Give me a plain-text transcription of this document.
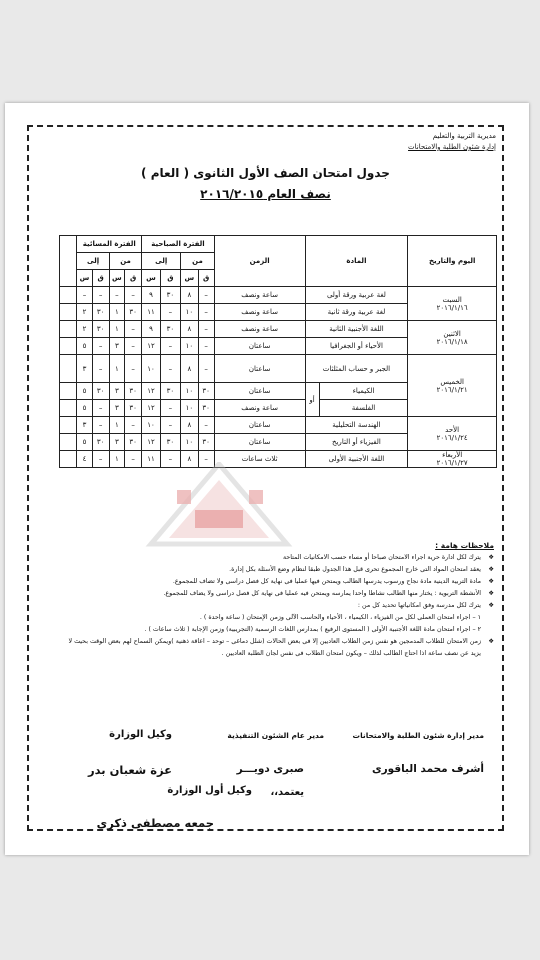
مديرية التربية والتعليم
إدارة شئون الطلبة والامتحانات
جدول امتحان الصف الأول الثانوى ( العام )
نصف العام ٢٠١٦/٢٠١٥
اليوم والتاريخ	المادة		الزمن	الفترة الصباحية				الفترة المسائية				
				من		إلى		من		إلى		
				ق	س	ق	س	ق	س	ق	س	

السبت
٢٠١٦/١/١٦	لغة عربية ورقة أولى		ساعة ونصف	–	٨	٣٠	٩	–	–	–	–	
	لغة عربية ورقة ثانية		ساعة ونصف	–	١٠	–	١١	٣٠	١	٣٠	٢	

الاثنين
٢٠١٦/١/١٨	اللغة الأجنبية الثانية		ساعة ونصف	–	٨	٣٠	٩	–	١	٣٠	٢	
	الأحياء أو الجغرافيا		ساعتان	–	١٠	–	١٢	–	٣	–	٥	

الخميس
٢٠١٦/١/٢١	الجبر و حساب المثلثات		ساعتان	–	٨	–	١٠	–	١	–	٣	
	الكيمياء	أو	ساعتان	٣٠	١٠	٣٠	١٢	٣٠	٣	٣٠	٥	
	الفلسفة		ساعة ونصف	٣٠	١٠	–	١٢	٣٠	٣	–	٥	

الأحد
٢٠١٦/١/٢٤	الهندسة التحليلية		ساعتان	–	٨	–	١٠	–	١	–	٣	
	الفيزياء أو التاريخ		ساعتان	٣٠	١٠	٣٠	١٢	٣٠	٣	٣٠	٥	

الأربعاء
٢٠١٦/١/٢٧	اللغة الأجنبية الأولى		ثلاث ساعات	–	٨	–	١١	–	١	–	٤	
ملاحظات هامة :
❖
يترك لكل ادارة حرية اجراء الامتحان صباحا أو مساء حسب الامكانيات المتاحة
❖
يعقد امتحان المواد التى خارج المجموع تحرى قبل هذا الجدول طبقا لنظام وضع الأسئلة بكل إدارة.
❖
مادة التربية الدينية مادة نجاح ورسوب يدرسها الطالب ويمتحن فيها عمليا فى نهاية كل فصل دراسى ولا تضاف للمجموع.
❖
الأنشطة التربوية : يختار منها الطالب نشاطا واحدا يمارسه ويمتحن فيه عمليا فى نهاية كل فصل دراسى ولا يضاف للمجموع.
❖
يترك لكل مدرسة وفق امكانياتها تحديد كل من :
١ – اجراء امتحان العملى لكل من الفيزياء ، الكيمياء ، الأحياء والحاسب الآلى وزمن الإمتحان ( ساعة واحدة ) .
٢ – اجراء امتحان مادة اللغة الأجنبية الأولى ( المستوى الرفيع ) بمدارس اللغات الرسمية (التجريبية) وزمن الإجابة ( ثلاث ساعات ) .
❖
زمن الامتحان للطلاب المدمجين هو نفس زمن الطلاب العاديين إلا فى بعض الحالات (شلل دماغى – توحد – اعاقة ذهنية )ويمكن السماح لهم بعض الوقت بحيث لا
يزيد عن نصف ساعة اذا احتاج الطالب لذلك – ويكون امتحان الطلاب فى نفس لجان الطلبة العاديين .
مدير إدارة شئون الطلبة والامتحانات
مدير عام الشئون التنفيذية
وكيل الوزارة
أشرف محمد الباقورى
صبرى دويـــر
عزة شعبان بدر
يعتمد،،
وكيل أول الوزارة
جمعه مصطفى ذكرى
